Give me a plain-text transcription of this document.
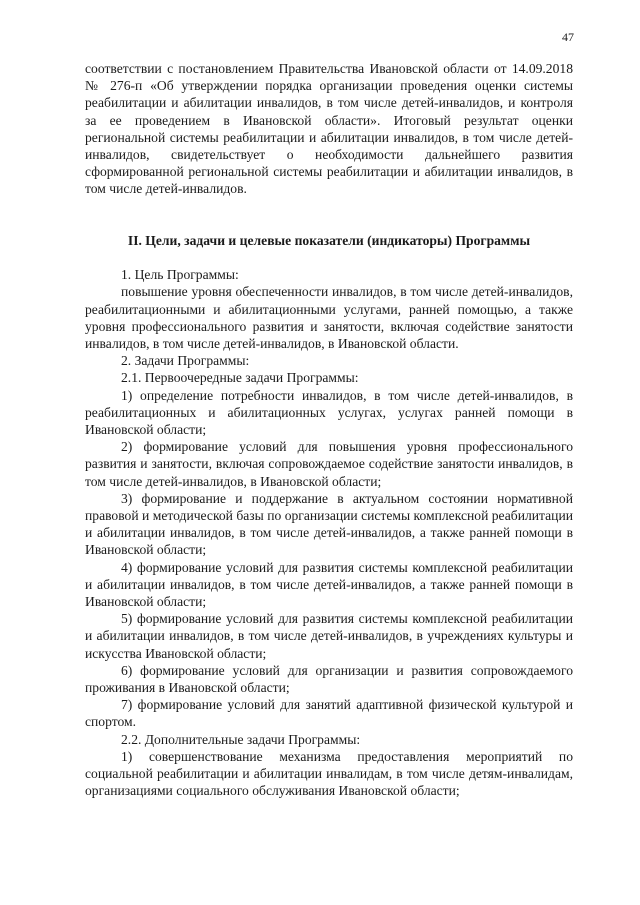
47

соответствии с постановлением Правительства Ивановской области от 14.09.2018 № 276-п «Об утверждении порядка организации проведения оценки системы реабилитации и абилитации инвалидов, в том числе детей-инвалидов, и контроля за ее проведением в Ивановской области». Итоговый результат оценки региональной системы реабилитации и абилитации инвалидов, в том числе детей-инвалидов, свидетельствует о необходимости дальнейшего развития сформированной региональной системы реабилитации и абилитации инвалидов, в том числе детей-инвалидов.

II. Цели, задачи и целевые показатели (индикаторы) Программы

1. Цель Программы:

повышение уровня обеспеченности инвалидов, в том числе детей-инвалидов, реабилитационными и абилитационными услугами, ранней помощью, а также уровня профессионального развития и занятости, включая содействие занятости инвалидов, в том числе детей-инвалидов, в Ивановской области.

2. Задачи Программы:

2.1. Первоочередные задачи Программы:

1) определение потребности инвалидов, в том числе детей-инвалидов, в реабилитационных и абилитационных услугах, услугах ранней помощи в Ивановской области;

2) формирование условий для повышения уровня профессионального развития и занятости, включая сопровождаемое содействие занятости инвалидов, в том числе детей-инвалидов, в Ивановской области;

3) формирование и поддержание в актуальном состоянии нормативной правовой и методической базы по организации системы комплексной реабилитации и абилитации инвалидов, в том числе детей-инвалидов, а также ранней помощи в Ивановской области;

4) формирование условий для развития системы комплексной реабилитации и абилитации инвалидов, в том числе детей-инвалидов, а также ранней помощи в Ивановской области;

5) формирование условий для развития системы комплексной реабилитации и абилитации инвалидов, в том числе детей-инвалидов, в учреждениях культуры и искусства Ивановской области;

6) формирование условий для организации и развития сопровождаемого проживания в Ивановской области;

7) формирование условий для занятий адаптивной физической культурой и спортом.

2.2. Дополнительные задачи Программы:

1) совершенствование механизма предоставления мероприятий по социальной реабилитации и абилитации инвалидам, в том числе детям-инвалидам, организациями социального обслуживания Ивановской области;
